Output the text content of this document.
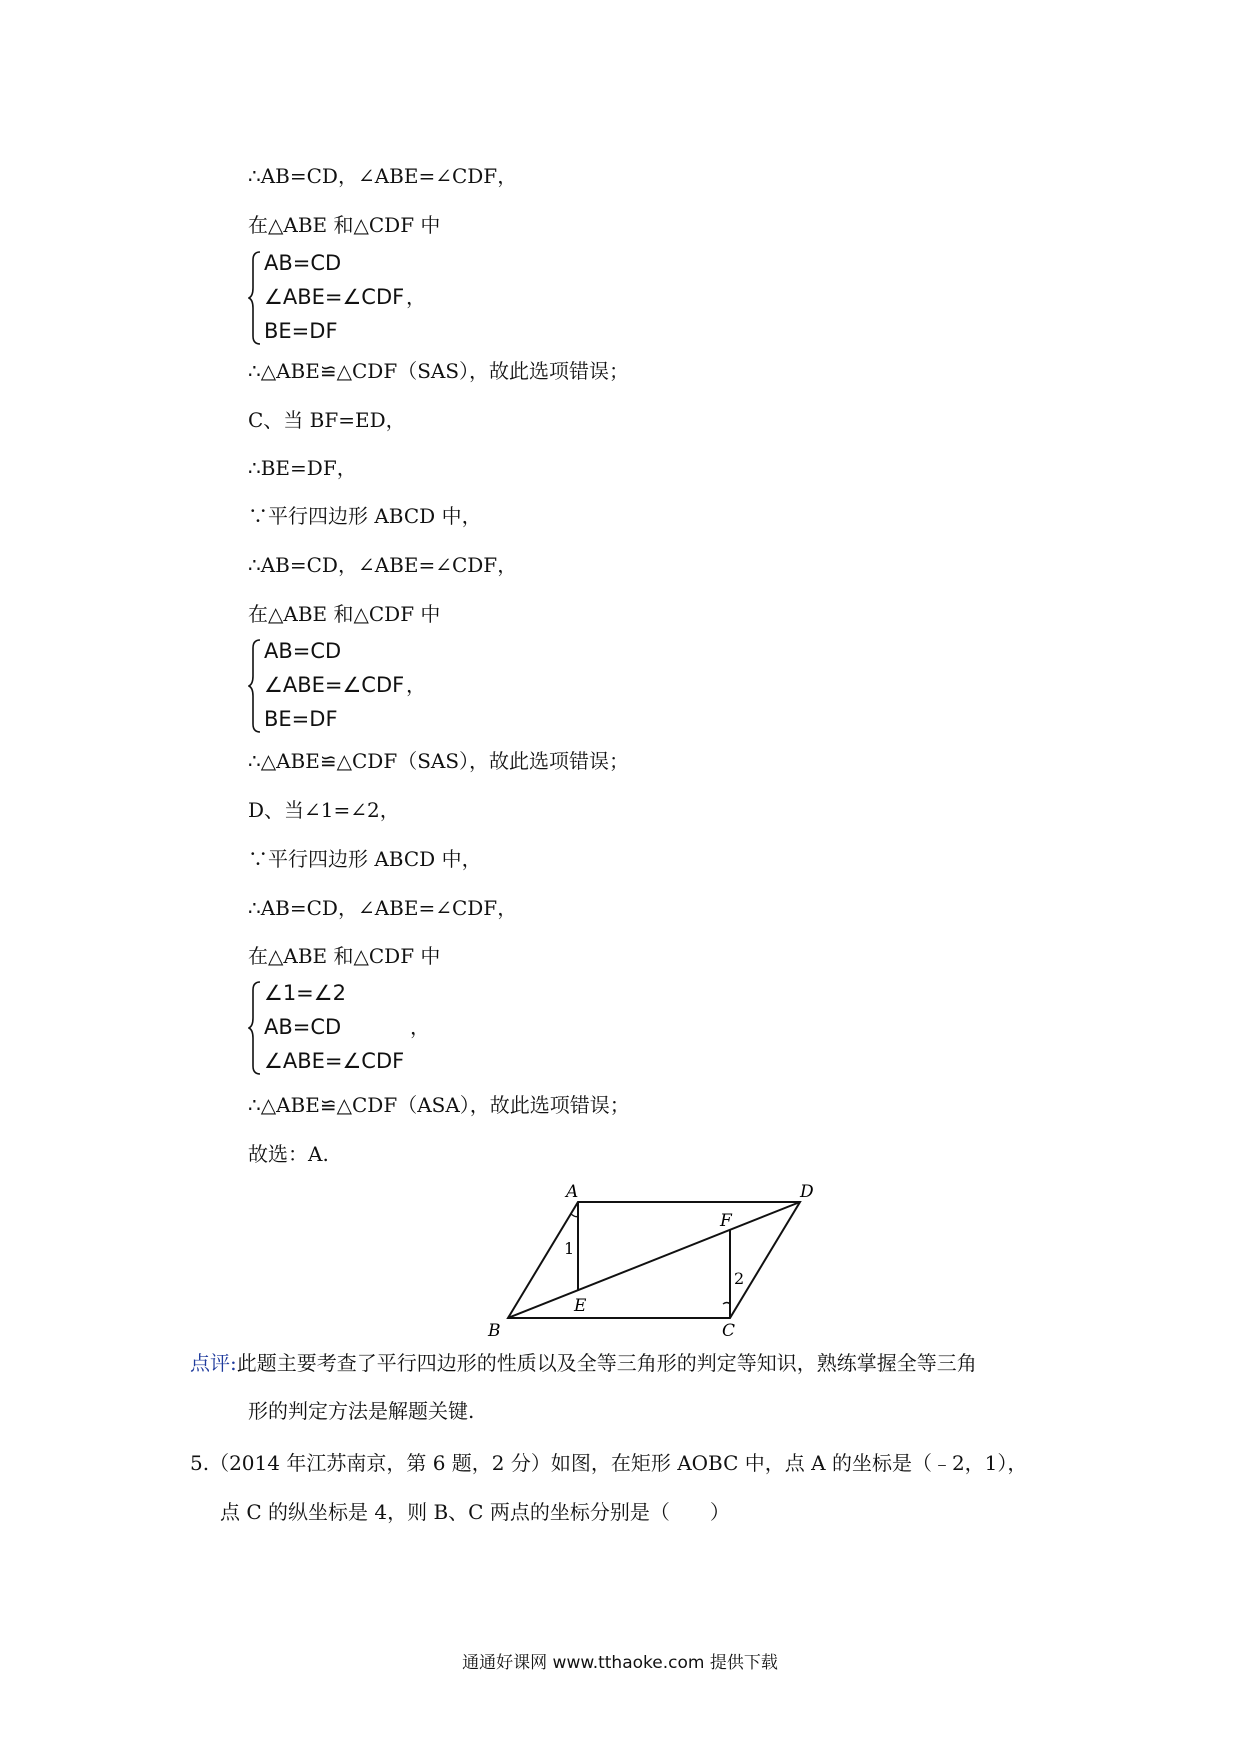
∴AB=CD，∠ABE=∠CDF，
在△ABE 和△CDF 中
AB=CD
∠ABE=∠CDF ，
BE=DF
∴△ABE≌△CDF（SAS），故此选项错误；
C、当 BF=ED，
∴BE=DF，
∵平行四边形 ABCD 中，
∴AB=CD，∠ABE=∠CDF，
在△ABE 和△CDF 中
AB=CD
∠ABE=∠CDF ，
BE=DF
∴△ABE≌△CDF（SAS），故此选项错误；
D、当∠1=∠2，
∵平行四边形 ABCD 中，
∴AB=CD，∠ABE=∠CDF，
在△ABE 和△CDF 中
∠1=∠2
AB=CD	，
∠ABE=∠CDF
∴△ABE≌△CDF（ASA），故此选项错误；
故选：A.
A	D
B	C
E
F
1
2
点评:此题主要考查了平行四边形的性质以及全等三角形的判定等知识，熟练掌握全等三角
形的判定方法是解题关键.
5.（2014 年江苏南京，第 6 题，2 分）如图，在矩形 AOBC 中，点 A 的坐标是（﹣2，1），
点 C 的纵坐标是 4，则 B、C 两点的坐标分别是（　　）
通通好课网 www.tthaoke.com 提供下载
